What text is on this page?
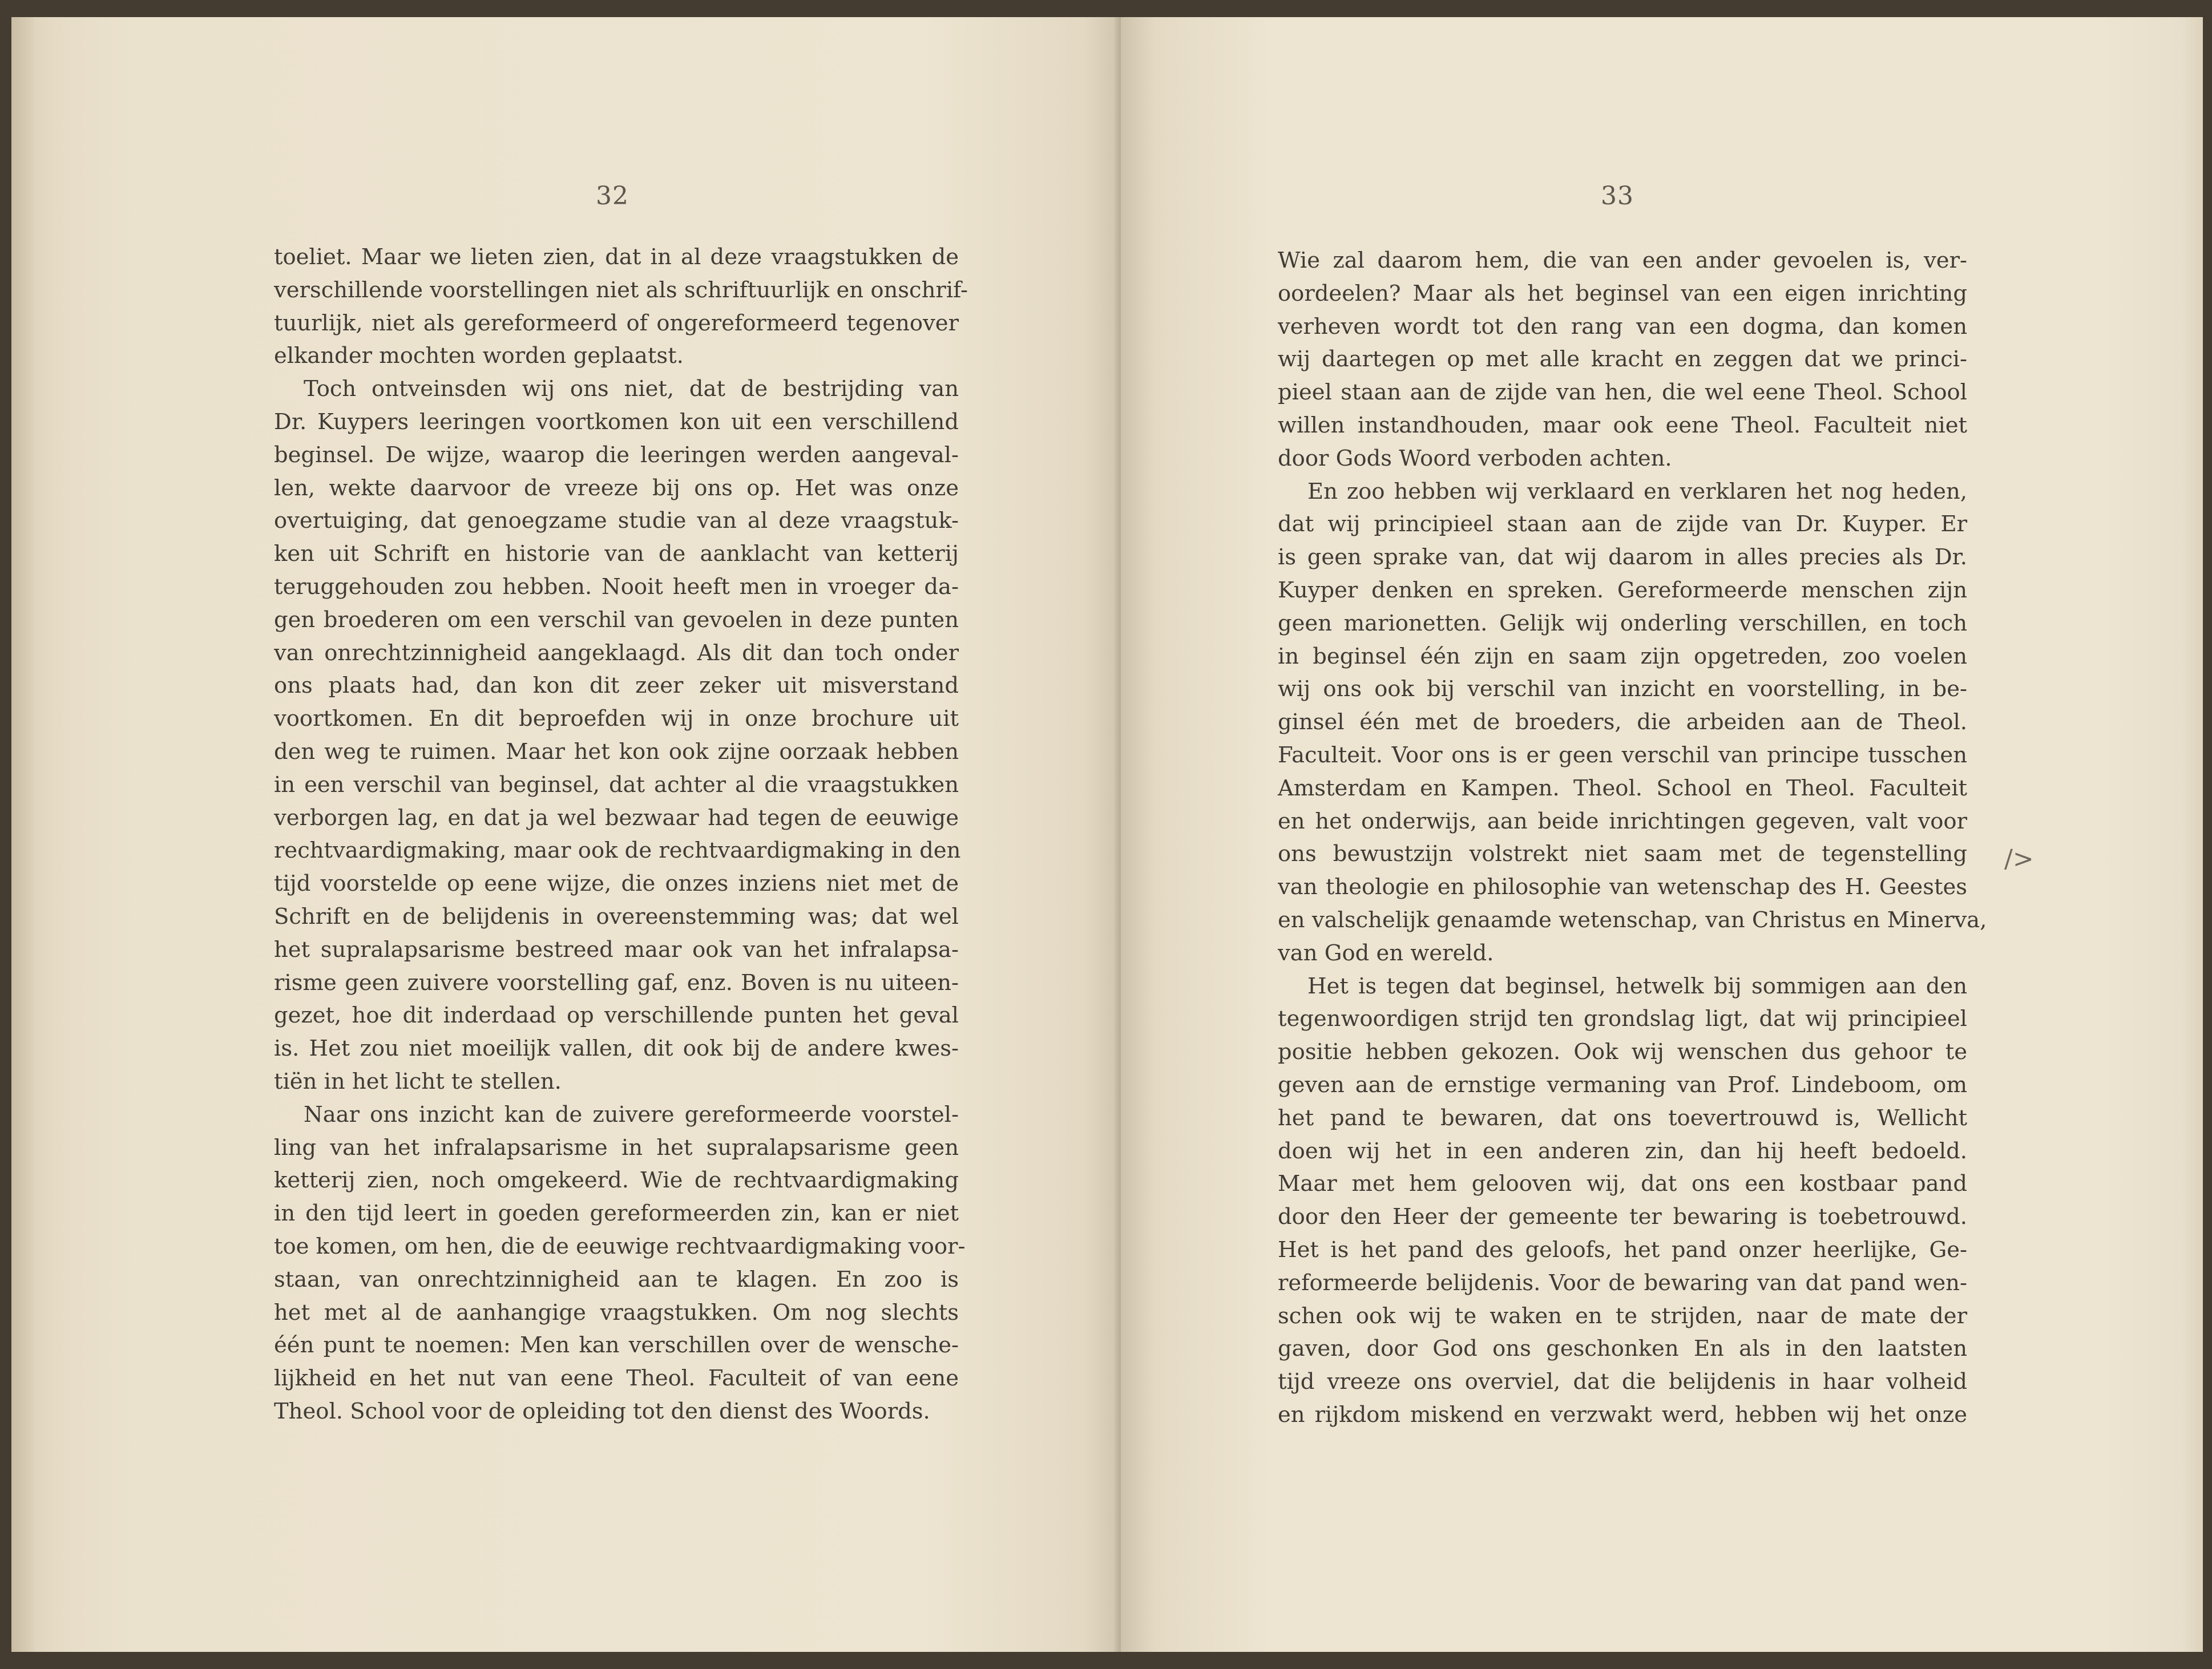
32
toeliet. Maar we lieten zien, dat in al deze vraagstukken de
verschillende voorstellingen niet als schriftuurlijk en onschrif-
tuurlijk, niet als gereformeerd of ongereformeerd tegenover
elkander mochten worden geplaatst.
Toch ontveinsden wij ons niet, dat de bestrijding van
Dr. Kuypers leeringen voortkomen kon uit een verschillend
beginsel. De wijze, waarop die leeringen werden aangeval-
len, wekte daarvoor de vreeze bij ons op. Het was onze
overtuiging, dat genoegzame studie van al deze vraagstuk-
ken uit Schrift en historie van de aanklacht van ketterij
teruggehouden zou hebben. Nooit heeft men in vroeger da-
gen broederen om een verschil van gevoelen in deze punten
van onrechtzinnigheid aangeklaagd. Als dit dan toch onder
ons plaats had, dan kon dit zeer zeker uit misverstand
voortkomen. En dit beproefden wij in onze brochure uit
den weg te ruimen. Maar het kon ook zijne oorzaak hebben
in een verschil van beginsel, dat achter al die vraagstukken
verborgen lag, en dat ja wel bezwaar had tegen de eeuwige
rechtvaardigmaking, maar ook de rechtvaardigmaking in den
tijd voorstelde op eene wijze, die onzes inziens niet met de
Schrift en de belijdenis in overeenstemming was; dat wel
het supralapsarisme bestreed maar ook van het infralapsa-
risme geen zuivere voorstelling gaf, enz. Boven is nu uiteen-
gezet, hoe dit inderdaad op verschillende punten het geval
is. Het zou niet moeilijk vallen, dit ook bij de andere kwes-
tiën in het licht te stellen.
Naar ons inzicht kan de zuivere gereformeerde voorstel-
ling van het infralapsarisme in het supralapsarisme geen
ketterij zien, noch omgekeerd. Wie de rechtvaardigmaking
in den tijd leert in goeden gereformeerden zin, kan er niet
toe komen, om hen, die de eeuwige rechtvaardigmaking voor-
staan, van onrechtzinnigheid aan te klagen. En zoo is
het met al de aanhangige vraagstukken. Om nog slechts
één punt te noemen: Men kan verschillen over de wensche-
lijkheid en het nut van eene Theol. Faculteit of van eene
Theol. School voor de opleiding tot den dienst des Woords.
33
Wie zal daarom hem, die van een ander gevoelen is, ver-
oordeelen? Maar als het beginsel van een eigen inrichting
verheven wordt tot den rang van een dogma, dan komen
wij daartegen op met alle kracht en zeggen dat we princi-
pieel staan aan de zijde van hen, die wel eene Theol. School
willen instandhouden, maar ook eene Theol. Faculteit niet
door Gods Woord verboden achten.
En zoo hebben wij verklaard en verklaren het nog heden,
dat wij principieel staan aan de zijde van Dr. Kuyper. Er
is geen sprake van, dat wij daarom in alles precies als Dr.
Kuyper denken en spreken. Gereformeerde menschen zijn
geen marionetten. Gelijk wij onderling verschillen, en toch
in beginsel één zijn en saam zijn opgetreden, zoo voelen
wij ons ook bij verschil van inzicht en voorstelling, in be-
ginsel één met de broeders, die arbeiden aan de Theol.
Faculteit. Voor ons is er geen verschil van principe tusschen
Amsterdam en Kampen. Theol. School en Theol. Faculteit
en het onderwijs, aan beide inrichtingen gegeven, valt voor
ons bewustzijn volstrekt niet saam met de tegenstelling
van theologie en philosophie van wetenschap des H. Geestes
en valschelijk genaamde wetenschap, van Christus en Minerva,
van God en wereld.
Het is tegen dat beginsel, hetwelk bij sommigen aan den
tegenwoordigen strijd ten grondslag ligt, dat wij principieel
positie hebben gekozen. Ook wij wenschen dus gehoor te
geven aan de ernstige vermaning van Prof. Lindeboom, om
het pand te bewaren, dat ons toevertrouwd is, Wellicht
doen wij het in een anderen zin, dan hij heeft bedoeld.
Maar met hem gelooven wij, dat ons een kostbaar pand
door den Heer der gemeente ter bewaring is toebetrouwd.
Het is het pand des geloofs, het pand onzer heerlijke, Ge-
reformeerde belijdenis. Voor de bewaring van dat pand wen-
schen ook wij te waken en te strijden, naar de mate der
gaven, door God ons geschonken En als in den laatsten
tijd vreeze ons overviel, dat die belijdenis in haar volheid
en rijkdom miskend en verzwakt werd, hebben wij het onze
/>
